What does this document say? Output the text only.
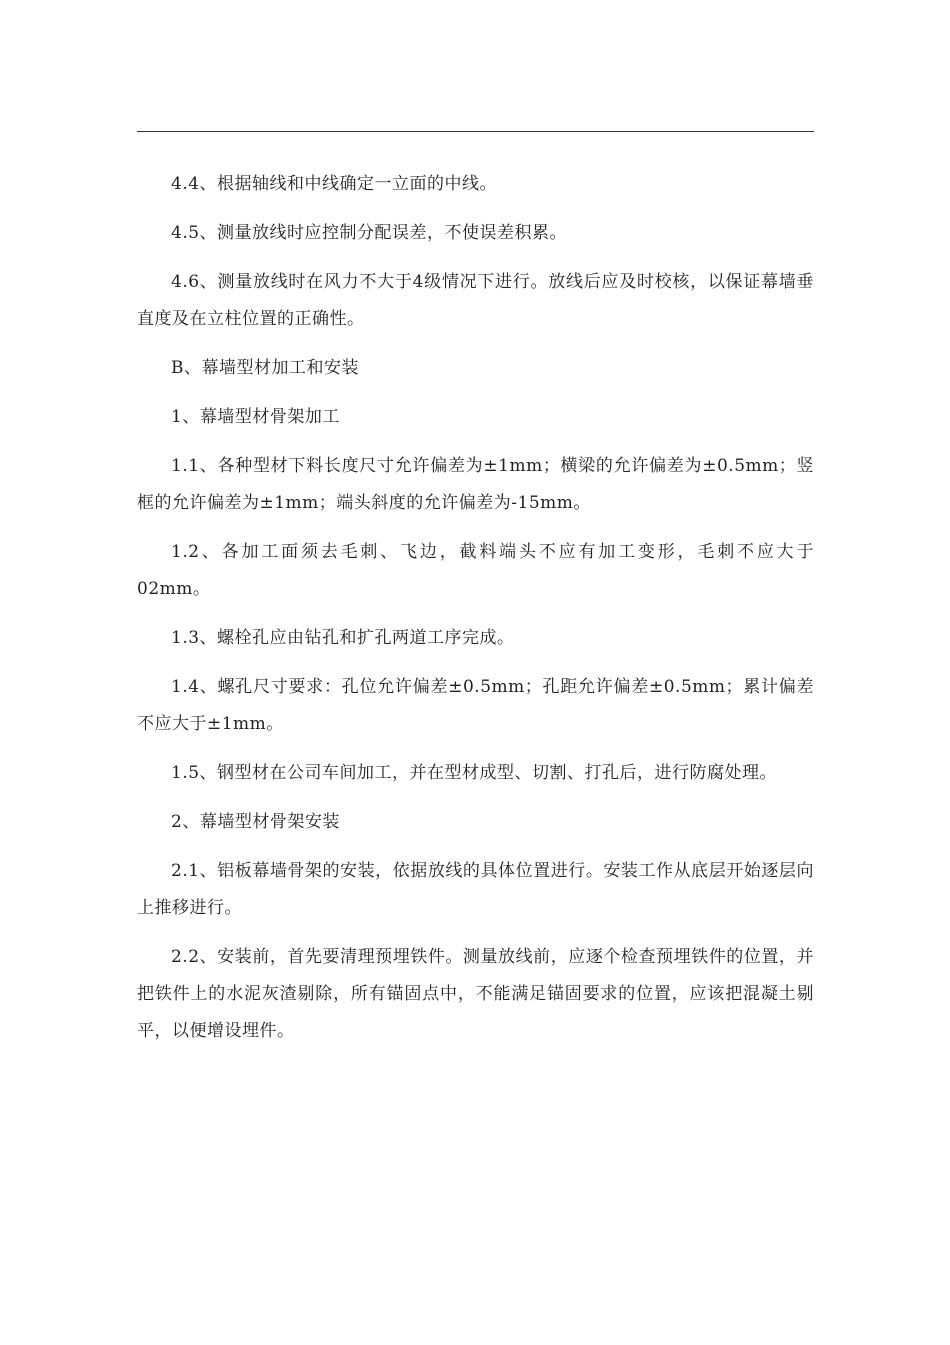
4.4、根据轴线和中线确定一立面的中线。

4.5、测量放线时应控制分配误差，不使误差积累。

4.6、测量放线时在风力不大于4级情况下进行。放线后应及时校核，以保证幕墙垂直度及在立柱位置的正确性。

B、幕墙型材加工和安装

1、幕墙型材骨架加工

1.1、各种型材下料长度尺寸允许偏差为±1mm；横梁的允许偏差为±0.5mm；竖框的允许偏差为±1mm；端头斜度的允许偏差为-15mm。

1.2、各加工面须去毛刺、飞边，截料端头不应有加工变形，毛刺不应大于02mm。

1.3、螺栓孔应由钻孔和扩孔两道工序完成。

1.4、螺孔尺寸要求：孔位允许偏差±0.5mm；孔距允许偏差±0.5mm；累计偏差不应大于±1mm。

1.5、钢型材在公司车间加工，并在型材成型、切割、打孔后，进行防腐处理。

2、幕墙型材骨架安装

2.1、铝板幕墙骨架的安装，依据放线的具体位置进行。安装工作从底层开始逐层向上推移进行。

2.2、安装前，首先要清理预埋铁件。测量放线前，应逐个检查预埋铁件的位置，并把铁件上的水泥灰渣剔除，所有锚固点中，不能满足锚固要求的位置，应该把混凝土剔平，以便增设埋件。
